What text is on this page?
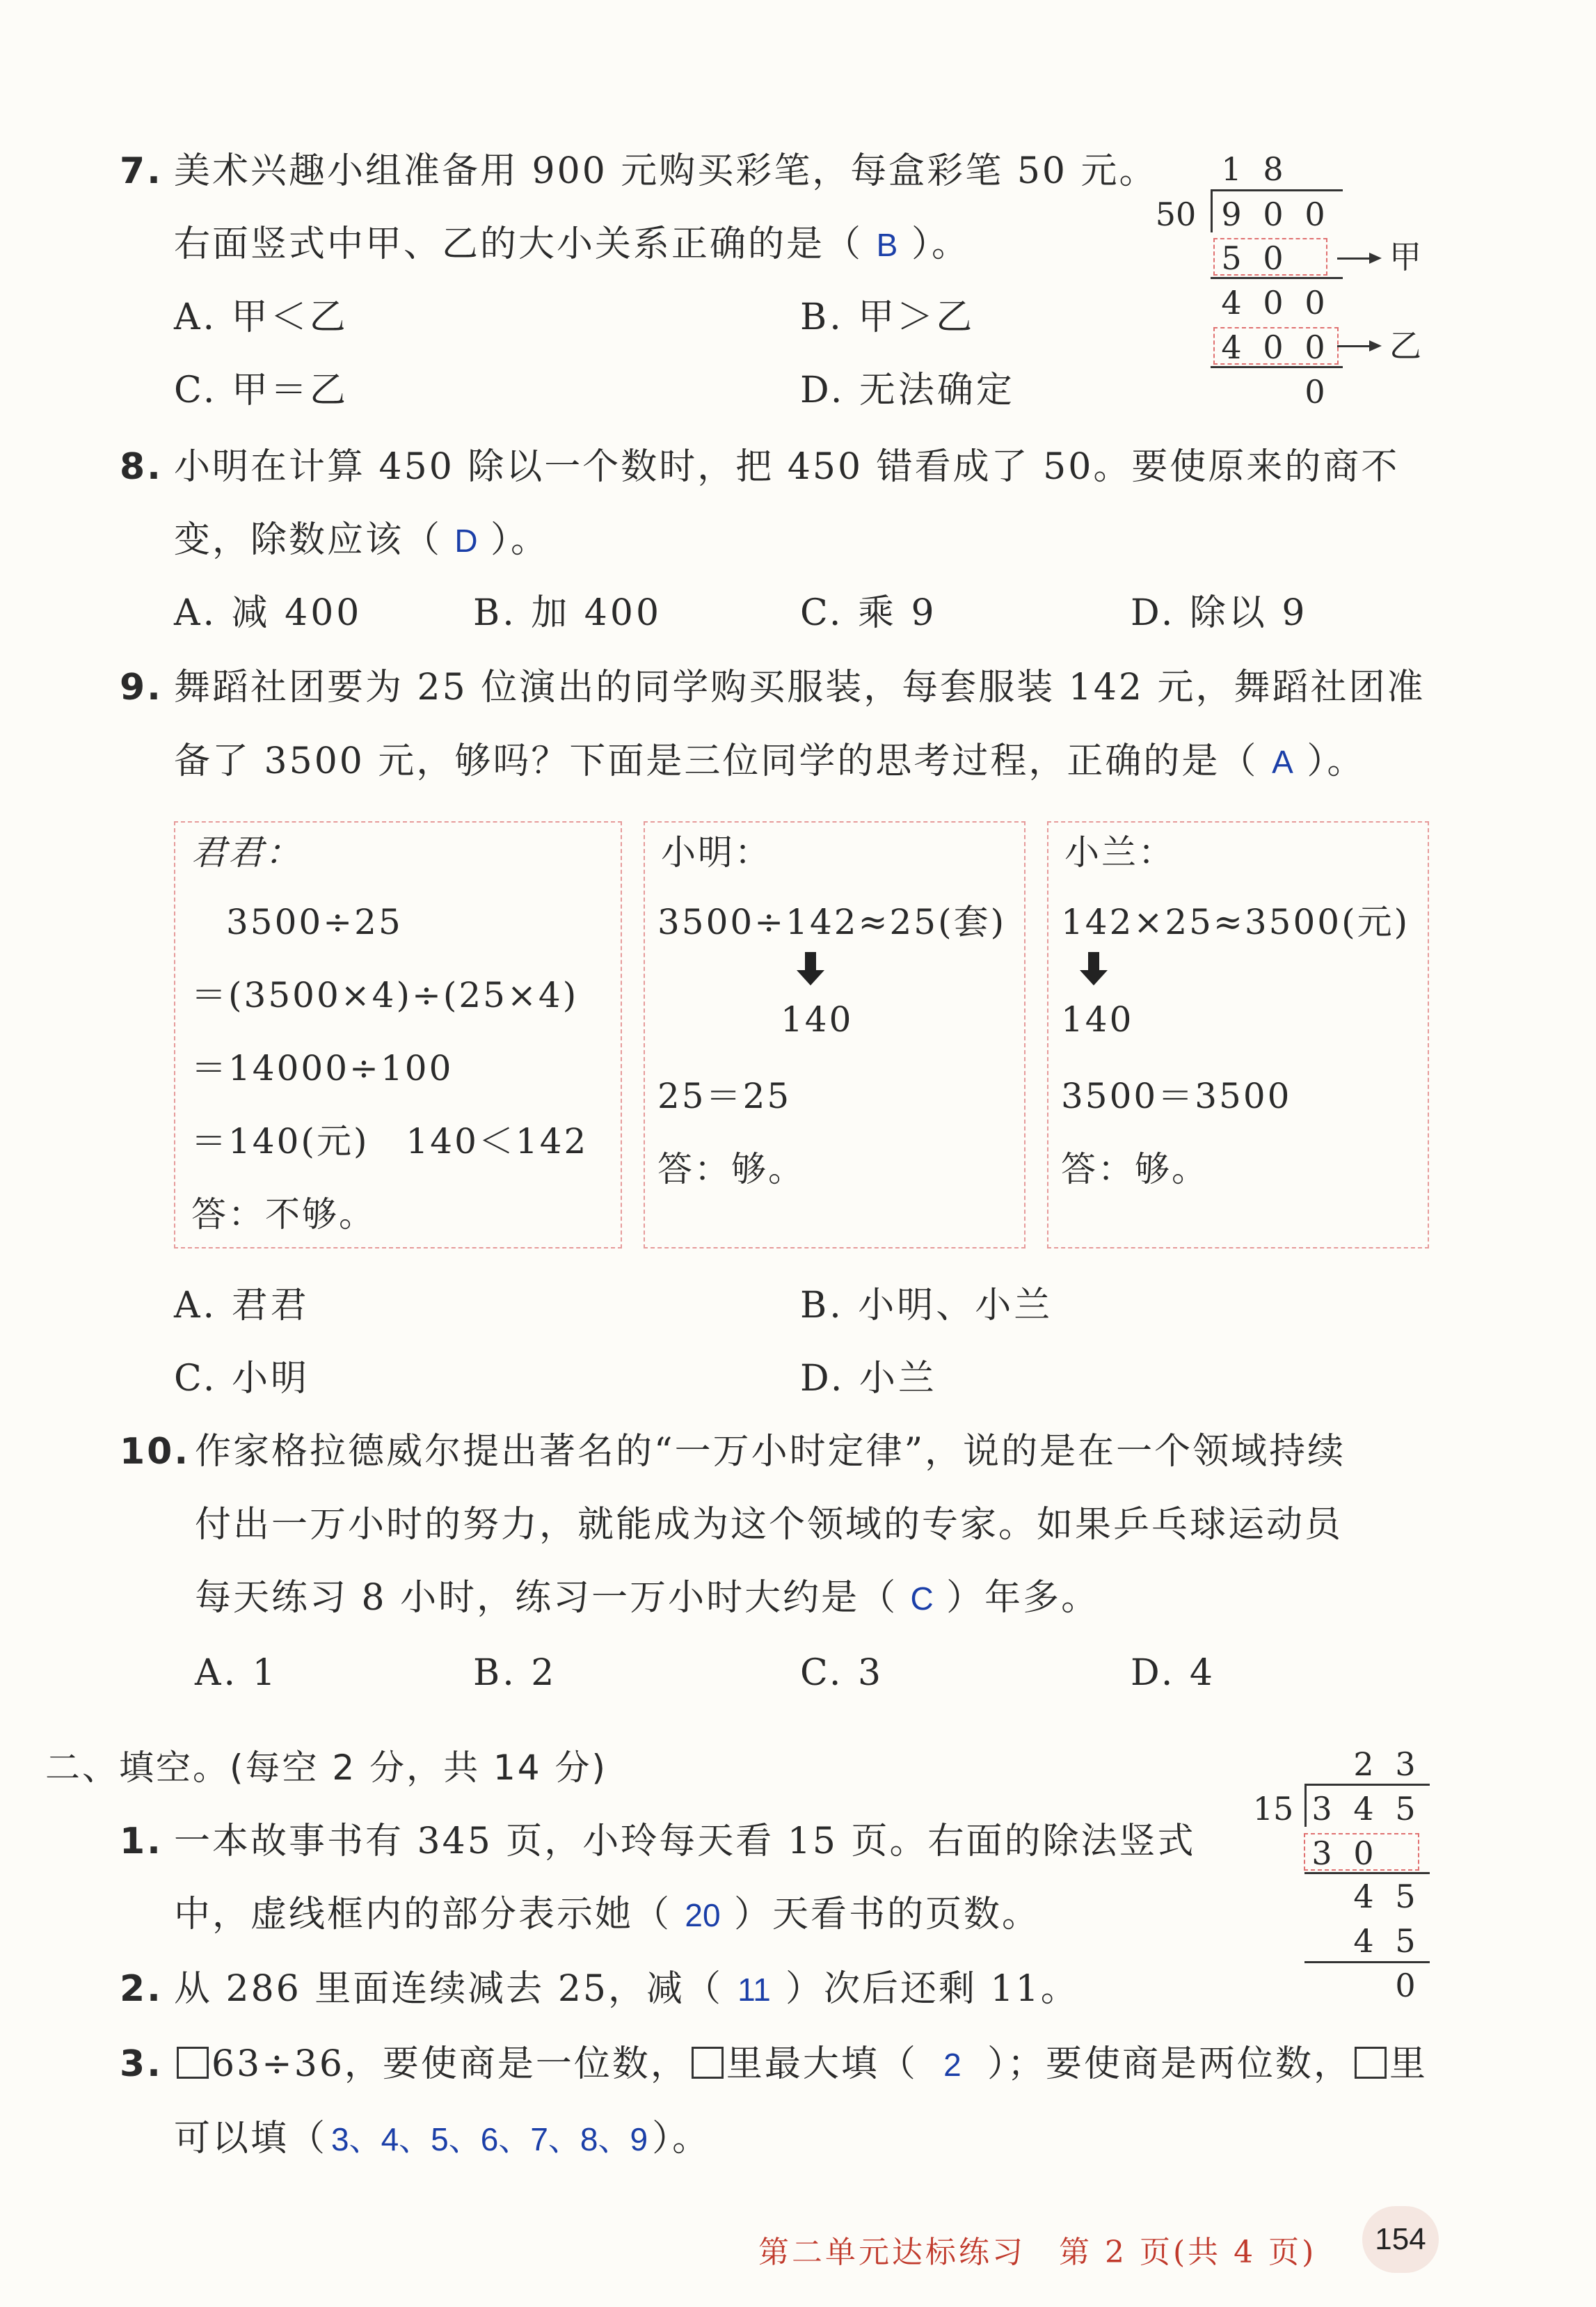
7. 美术兴趣小组准备用 900 元购买彩笔，每盒彩笔 50 元。
右面竖式中甲、乙的大小关系正确的是（ B ）。
A. 甲＜乙	B. 甲＞乙
C. 甲＝乙	D. 无法确定
1 8
50 9 0 0
5 0	甲
4 0 0
4 0 0	乙
0
8. 小明在计算 450 除以一个数时，把 450 错看成了 50。要使原来的商不
变，除数应该（ D ）。
A. 减 400	B. 加 400	C. 乘 9	D. 除以 9
9. 舞蹈社团要为 25 位演出的同学购买服装，每套服装 142 元，舞蹈社团准
备了 3500 元，够吗？下面是三位同学的思考过程，正确的是（ A ）。
君君：
3500÷25
＝(3500×4)÷(25×4)
＝14000÷100
＝140(元)　140＜142
答：不够。
小明：
3500÷142≈25(套)
140
25＝25
答：够。
小兰：
142×25≈3500(元)
140
3500＝3500
答：够。
A. 君君	B. 小明、小兰
C. 小明	D. 小兰
10. 作家格拉德威尔提出著名的“一万小时定律”，说的是在一个领域持续
付出一万小时的努力，就能成为这个领域的专家。如果乒乓球运动员
每天练习 8 小时，练习一万小时大约是（ C ）年多。
A. 1	B. 2	C. 3	D. 4
二、填空。(每空 2 分，共 14 分)
1. 一本故事书有 345 页，小玲每天看 15 页。右面的除法竖式
中，虚线框内的部分表示她（ 20 ）天看书的页数。
2 3
15 3 4 5
3 0
4 5
4 5
0
2. 从 286 里面连续减去 25，减（ 11 ）次后还剩 11。
3.	63÷36，要使商是一位数， 里最大填（ 2 ）；要使商是两位数， 里
可以填（ 3、4、5、6、7、8、9 ）。
第二单元达标练习　第 2 页(共 4 页)	154
